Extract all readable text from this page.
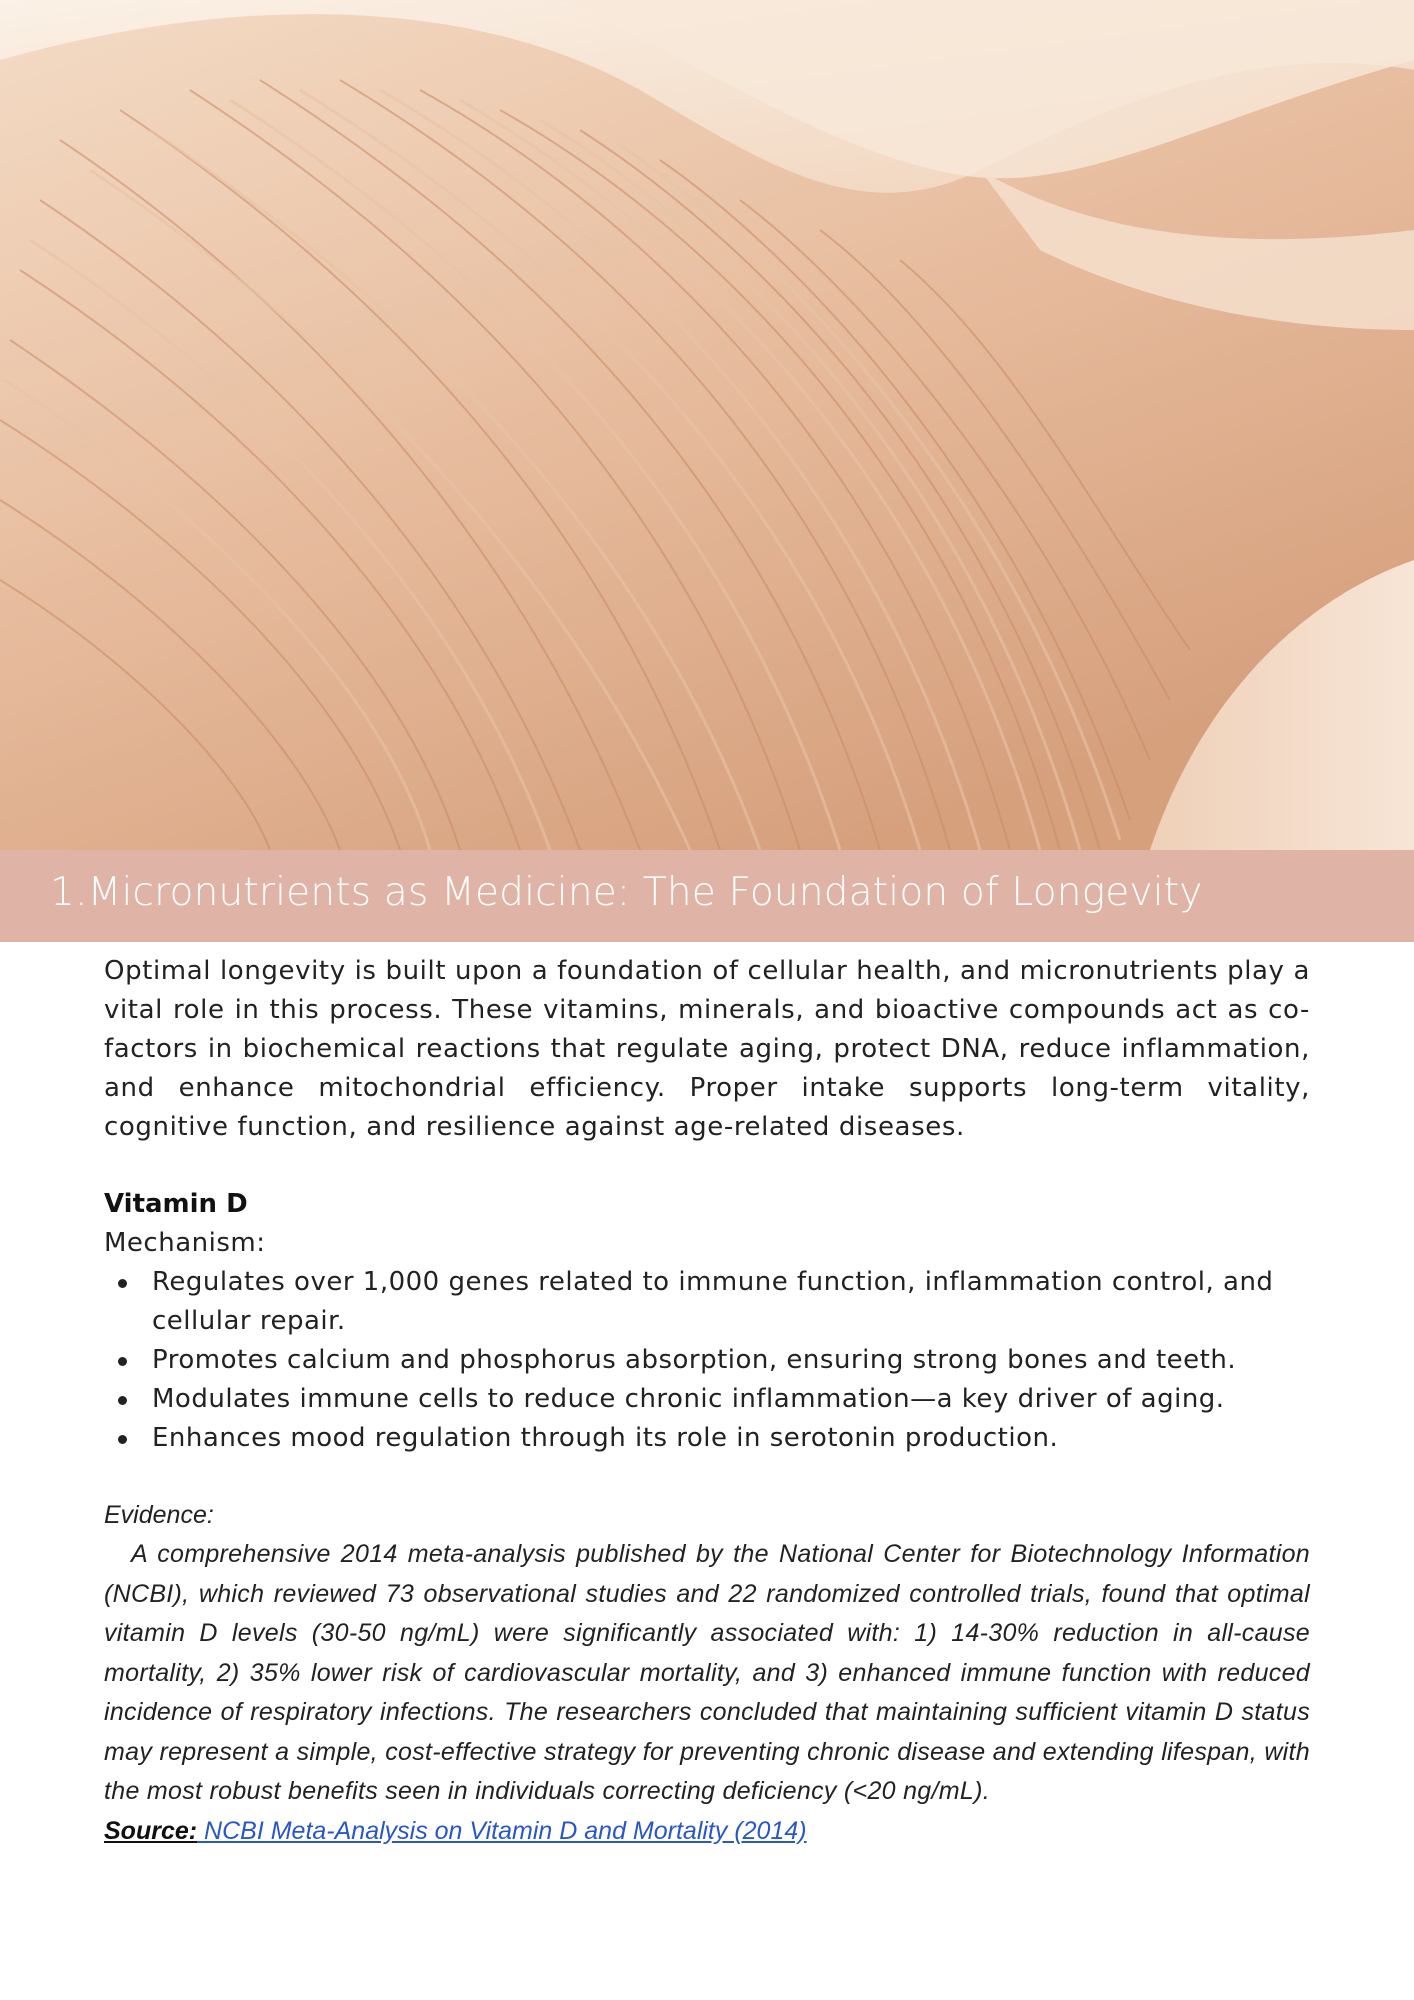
1.Micronutrients as Medicine: The Foundation of Longevity

Optimal longevity is built upon a foundation of cellular health, and micronutrients play a vital role in this process. These vitamins, minerals, and bioactive compounds act as co-factors in biochemical reactions that regulate aging, protect DNA, reduce inflammation, and enhance mitochondrial efficiency. Proper intake supports long-term vitality, cognitive function, and resilience against age-related diseases.

Vitamin D
Mechanism:
Regulates over 1,000 genes related to immune function, inflammation control, and cellular repair.
Promotes calcium and phosphorus absorption, ensuring strong bones and teeth.
Modulates immune cells to reduce chronic inflammation—a key driver of aging.
Enhances mood regulation through its role in serotonin production.
Evidence:

A comprehensive 2014 meta-analysis published by the National Center for Biotechnology Information (NCBI), which reviewed 73 observational studies and 22 randomized controlled trials, found that optimal vitamin D levels (30-50 ng/mL) were significantly associated with: 1) 14-30% reduction in all-cause mortality, 2) 35% lower risk of cardiovascular mortality, and 3) enhanced immune function with reduced incidence of respiratory infections. The researchers concluded that maintaining sufficient vitamin D status may represent a simple, cost-effective strategy for preventing chronic disease and extending lifespan, with the most robust benefits seen in individuals correcting deficiency (<20 ng/mL).

Source: NCBI Meta-Analysis on Vitamin D and Mortality (2014)
